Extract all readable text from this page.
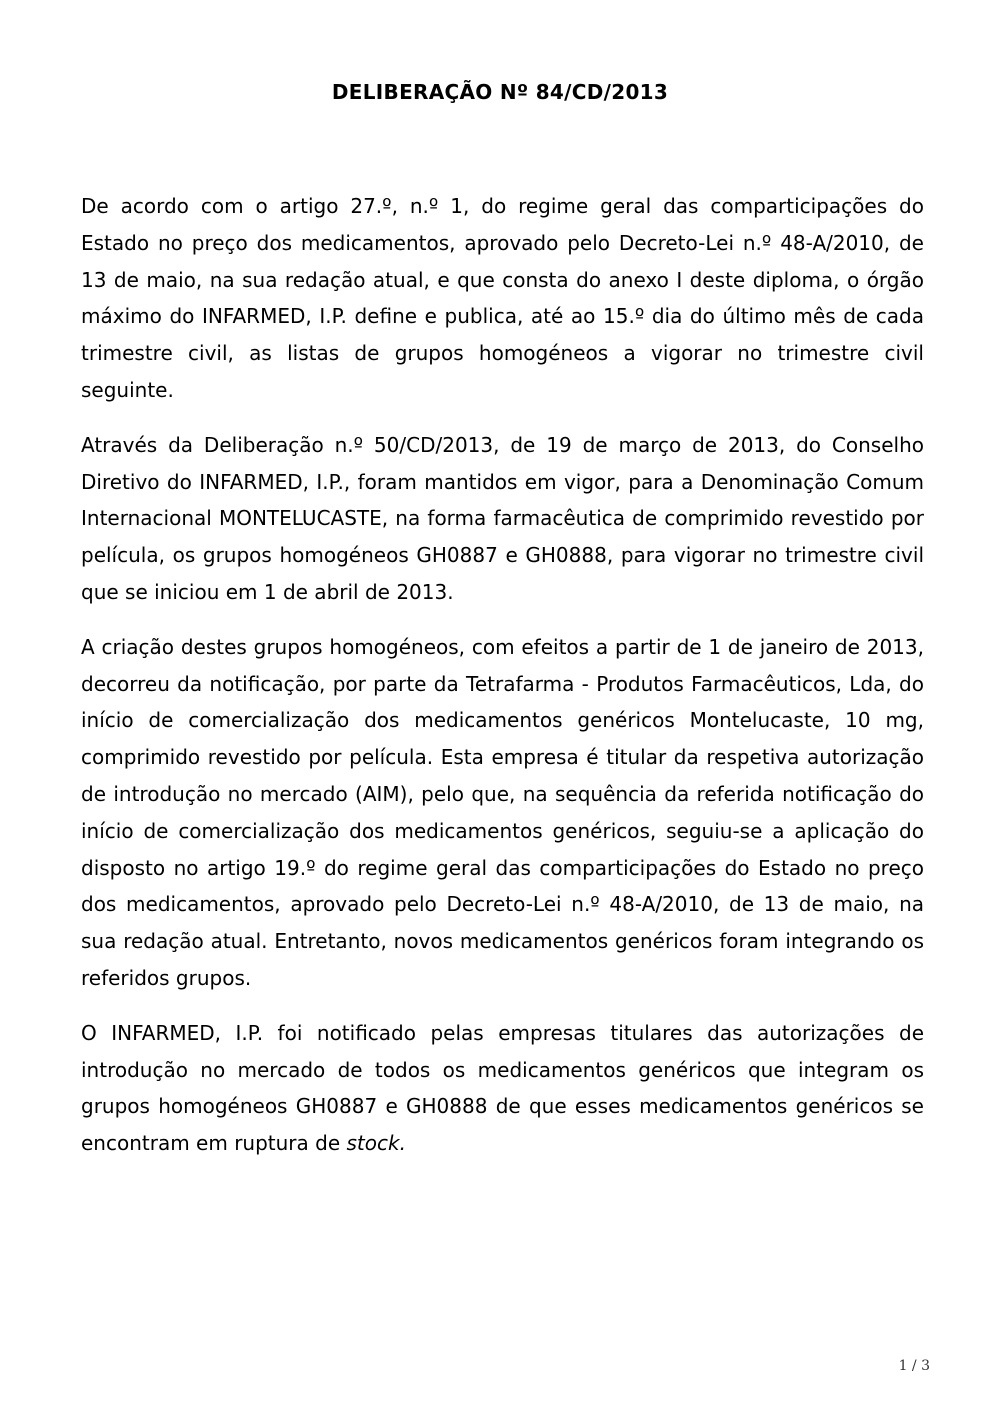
DELIBERAÇÃO Nº 84/CD/2013

De acordo com o artigo 27.º, n.º 1, do regime geral das comparticipações do Estado no preço dos medicamentos, aprovado pelo Decreto-Lei n.º 48-A/2010, de 13 de maio, na sua redação atual, e que consta do anexo I deste diploma, o órgão máximo do INFARMED, I.P. define e publica, até ao 15.º dia do último mês de cada trimestre civil, as listas de grupos homogéneos a vigorar no trimestre civil seguinte.

Através da Deliberação n.º 50/CD/2013, de 19 de março de 2013, do Conselho Diretivo do INFARMED, I.P., foram mantidos em vigor, para a Denominação Comum Internacional MONTELUCASTE, na forma farmacêutica de comprimido revestido por película, os grupos homogéneos GH0887 e GH0888, para vigorar no trimestre civil que se iniciou em 1 de abril de 2013.

A criação destes grupos homogéneos, com efeitos a partir de 1 de janeiro de 2013, decorreu da notificação, por parte da Tetrafarma - Produtos Farmacêuticos, Lda, do início de comercialização dos medicamentos genéricos Montelucaste, 10 mg, comprimido revestido por película. Esta empresa é titular da respetiva autorização de introdução no mercado (AIM), pelo que, na sequência da referida notificação do início de comercialização dos medicamentos genéricos, seguiu-se a aplicação do disposto no artigo 19.º do regime geral das comparticipações do Estado no preço dos medicamentos, aprovado pelo Decreto-Lei n.º 48-A/2010, de 13 de maio, na sua redação atual. Entretanto, novos medicamentos genéricos foram integrando os referidos grupos.

O INFARMED, I.P. foi notificado pelas empresas titulares das autorizações de introdução no mercado de todos os medicamentos genéricos que integram os grupos homogéneos GH0887 e GH0888 de que esses medicamentos genéricos se encontram em ruptura de stock.

1 / 3
